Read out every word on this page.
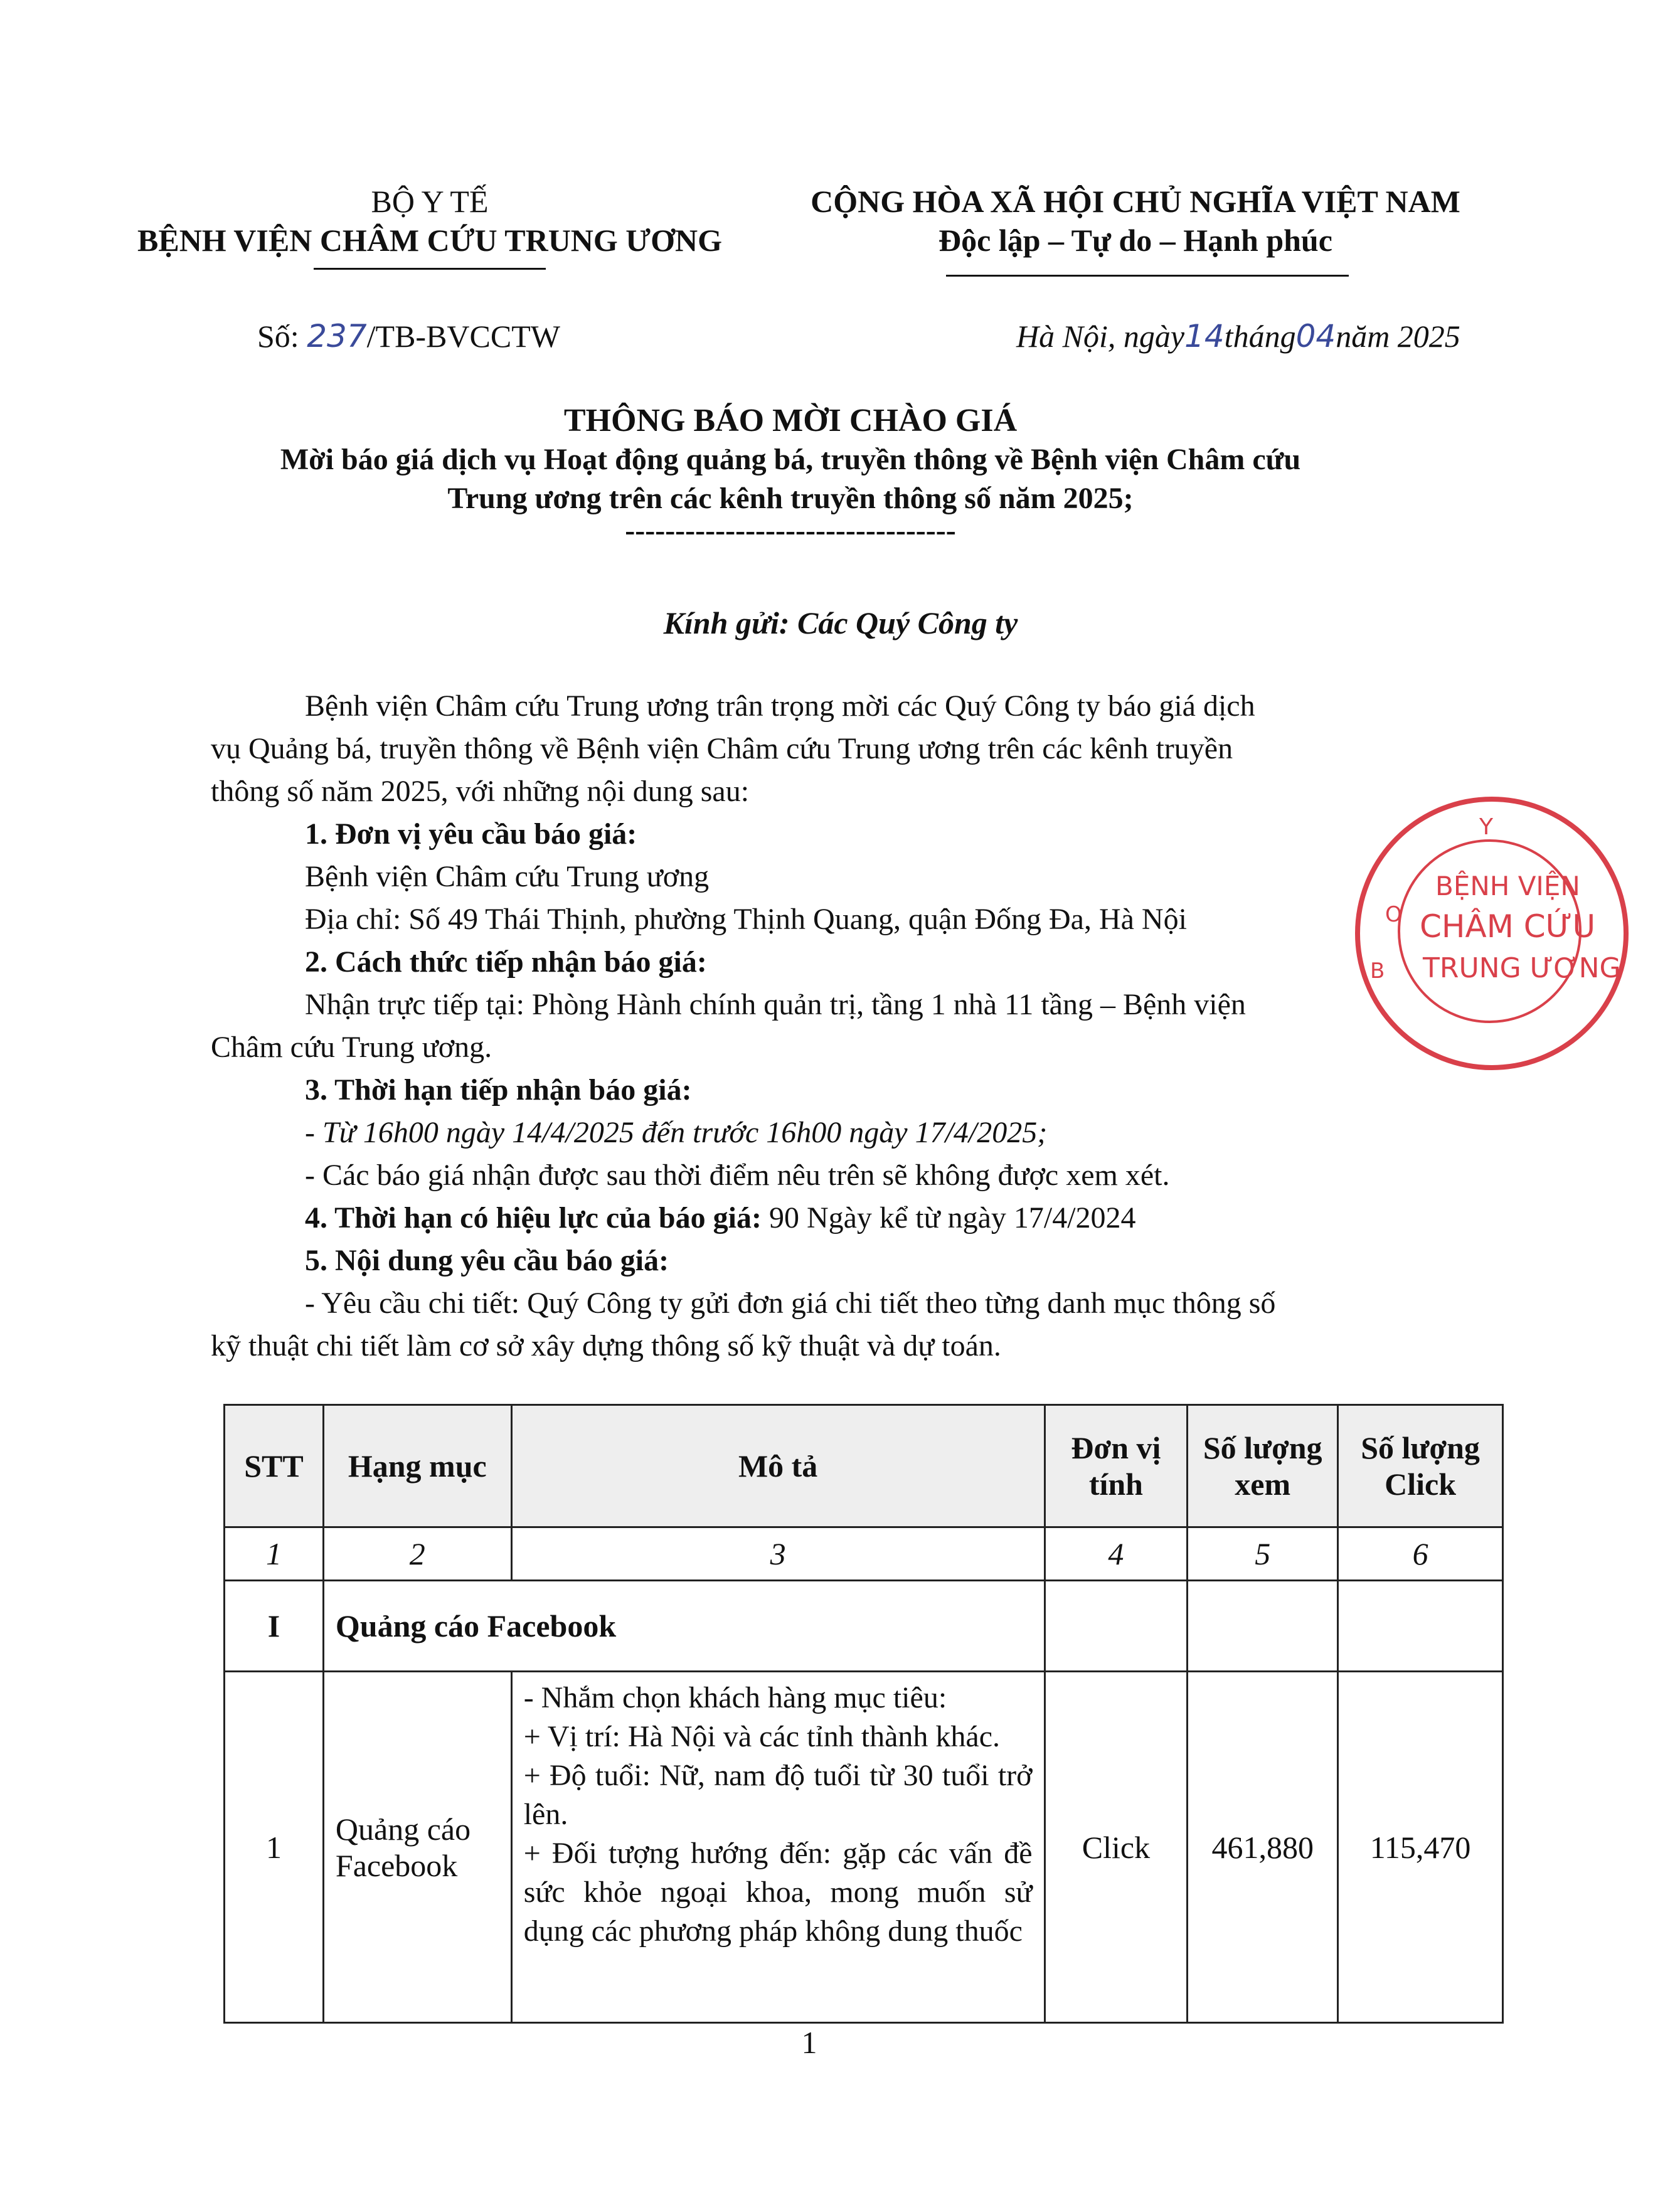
BỘ Y TẾ
BỆNH VIỆN CHÂM CỨU TRUNG ƯƠNG
CỘNG HÒA XÃ HỘI CHỦ NGHĨA VIỆT NAM
Độc lập – Tự do – Hạnh phúc
Số: 237/TB-BVCCTW	Hà Nội, ngày14tháng04năm 2025
THÔNG BÁO MỜI CHÀO GIÁ
Mời báo giá dịch vụ Hoạt động quảng bá, truyền thông về Bệnh viện Châm cứu
Trung ương trên các kênh truyền thông số năm 2025;
---------------------------------
Kính gửi: Các Quý Công ty
Bệnh viện Châm cứu Trung ương trân trọng mời các Quý Công ty báo giá dịch
vụ Quảng bá, truyền thông về Bệnh viện Châm cứu Trung ương trên các kênh truyền
thông số năm 2025, với những nội dung sau:
1. Đơn vị yêu cầu báo giá:
Bệnh viện Châm cứu Trung ương
Địa chỉ: Số 49 Thái Thịnh, phường Thịnh Quang, quận Đống Đa, Hà Nội
2. Cách thức tiếp nhận báo giá:
Nhận trực tiếp tại: Phòng Hành chính quản trị, tầng 1 nhà 11 tầng – Bệnh viện
Châm cứu Trung ương.
3. Thời hạn tiếp nhận báo giá:
- Từ 16h00 ngày 14/4/2025 đến trước 16h00 ngày 17/4/2025;
- Các báo giá nhận được sau thời điểm nêu trên sẽ không được xem xét.
4. Thời hạn có hiệu lực của báo giá: 90 Ngày kể từ ngày 17/4/2024
5. Nội dung yêu cầu báo giá:
- Yêu cầu chi tiết: Quý Công ty gửi đơn giá chi tiết theo từng danh mục thông số
kỹ thuật chi tiết làm cơ sở xây dựng thông số kỹ thuật và dự toán.
Y
BỆNH VIỆN
CHÂM CỨU
TRUNG ƯƠNG
B
O
STT	Hạng mục	Mô tả	Đơn vị tính	Số lượng xem	Số lượng Click
1	2	3	4	5	6
I	Quảng cáo Facebook				
1	Quảng cáo Facebook	- Nhắm chọn khách hàng mục tiêu:
+ Vị trí: Hà Nội và các tỉnh thành khác.
+ Độ tuổi: Nữ, nam độ tuổi từ 30 tuổi trở lên.
+ Đối tượng hướng đến: gặp các vấn đề sức khỏe ngoại khoa, mong muốn sử dụng các phương pháp không dung thuốc	Click	461,880	115,470
1
